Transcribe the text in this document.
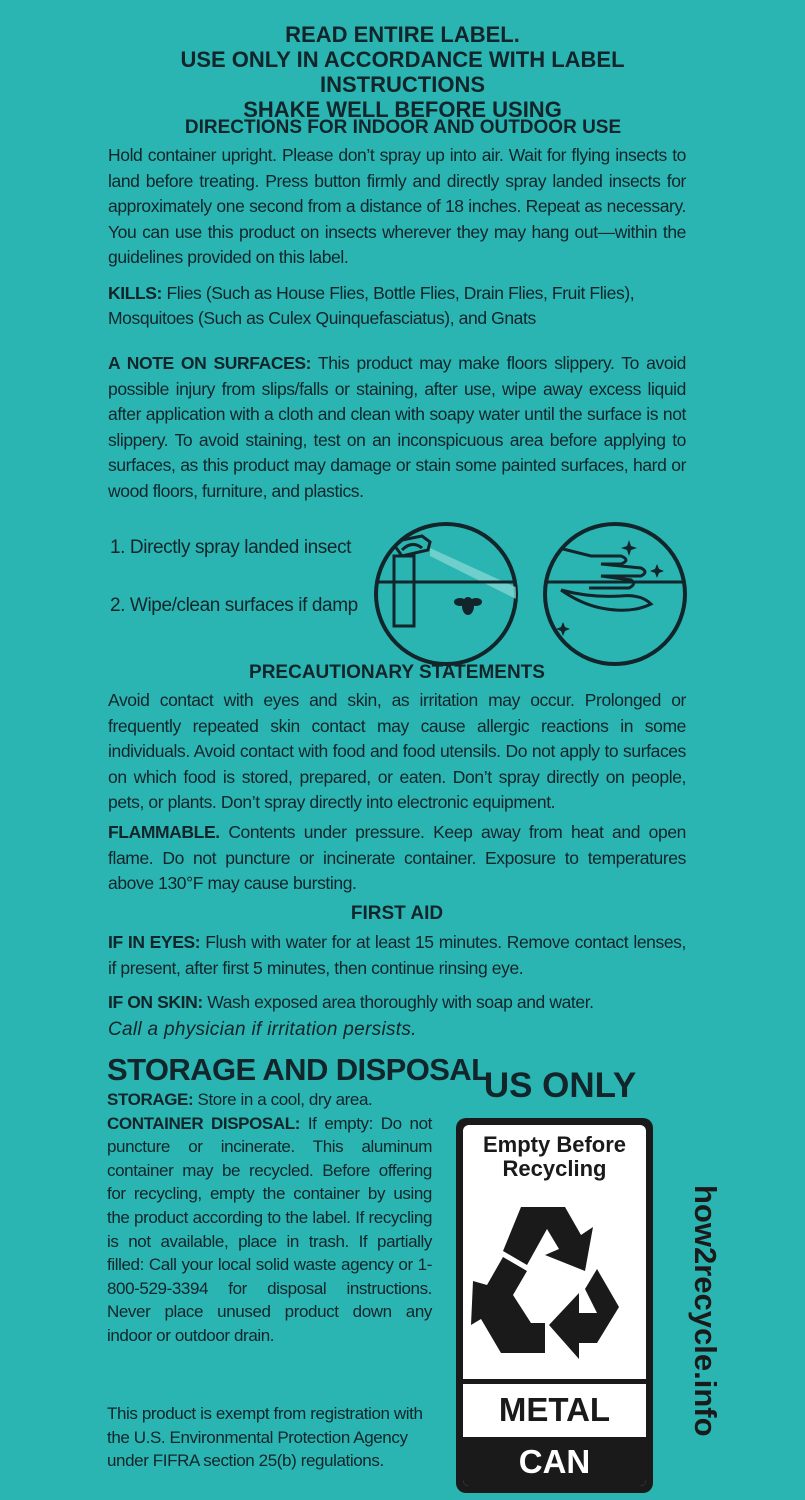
READ ENTIRE LABEL.
USE ONLY IN ACCORDANCE WITH LABEL INSTRUCTIONS
SHAKE WELL BEFORE USING
DIRECTIONS FOR INDOOR AND OUTDOOR USE
Hold container upright. Please don’t spray up into air. Wait for flying insects to land before treating. Press button firmly and directly spray landed insects for approximately one second from a distance of 18 inches. Repeat as necessary. You can use this product on insects wherever they may hang out—within the guidelines provided on this label.
KILLS: Flies (Such as House Flies, Bottle Flies, Drain Flies, Fruit Flies), Mosquitoes (Such as Culex Quinquefasciatus), and Gnats
A NOTE ON SURFACES: This product may make floors slippery. To avoid possible injury from slips/falls or staining, after use, wipe away excess liquid after application with a cloth and clean with soapy water until the surface is not slippery. To avoid staining, test on an inconspicuous area before applying to surfaces, as this product may damage or stain some painted surfaces, hard or wood floors, furniture, and plastics.
1. Directly spray landed insect
2. Wipe/clean surfaces if damp
PRECAUTIONARY STATEMENTS
Avoid contact with eyes and skin, as irritation may occur. Prolonged or frequently repeated skin contact may cause allergic reactions in some individuals. Avoid contact with food and food utensils. Do not apply to surfaces on which food is stored, prepared, or eaten. Don’t spray directly on people, pets, or plants. Don’t spray directly into electronic equipment.
FLAMMABLE. Contents under pressure. Keep away from heat and open flame. Do not puncture or incinerate container. Exposure to temperatures above 130°F may cause bursting.
FIRST AID
IF IN EYES: Flush with water for at least 15 minutes. Remove contact lenses, if present, after first 5 minutes, then continue rinsing eye.
IF ON SKIN: Wash exposed area thoroughly with soap and water.
Call a physician if irritation persists.
STORAGE AND DISPOSAL
STORAGE: Store in a cool, dry area.
CONTAINER DISPOSAL: If empty: Do not puncture or incinerate. This aluminum container may be recycled. Before offering for recycling, empty the container by using the product according to the label. If recycling is not available, place in trash. If partially filled: Call your local solid waste agency or 1-800-529-3394 for disposal instructions. Never place unused product down any indoor or outdoor drain.
This product is exempt from registration with the U.S. Environmental Protection Agency under FIFRA section 25(b) regulations.
US ONLY
Empty Before
Recycling
METAL
CAN
how2recycle.info
